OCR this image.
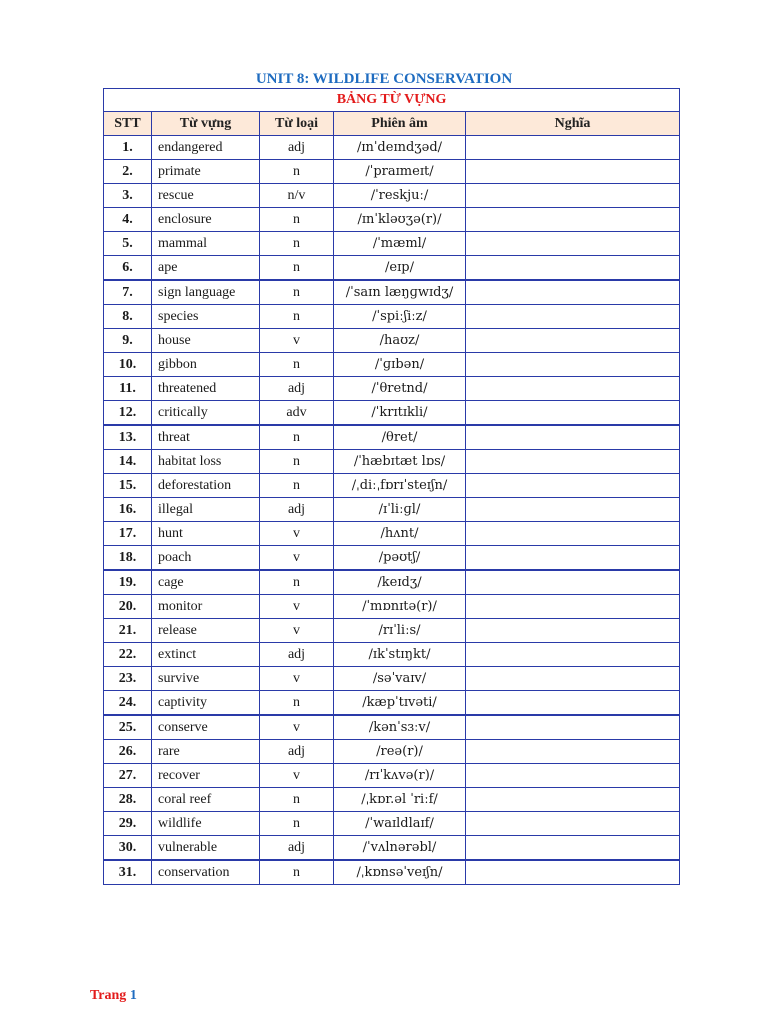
UNIT 8: WILDLIFE CONSERVATION
BẢNG TỪ VỰNG				
STT	Từ vựng	Từ loại	Phiên âm	Nghĩa
1.	endangered	adj	/ɪnˈdeɪndʒəd/	
2.	primate	n	/ˈpraɪmeɪt/	
3.	rescue	n/v	/ˈreskjuː/	
4.	enclosure	n	/ɪnˈkləʊʒə(r)/	
5.	mammal	n	/ˈmæml/	
6.	ape	n	/eɪp/	
7.	sign language	n	/ˈsaɪn læŋɡwɪdʒ/	
8.	species	n	/ˈspiːʃiːz/	
9.	house	v	/haʊz/	
10.	gibbon	n	/ˈɡɪbən/	
11.	threatened	adj	/ˈθretnd/	
12.	critically	adv	/ˈkrɪtɪkli/	
13.	threat	n	/θret/	
14.	habitat loss	n	/ˈhæbɪtæt lɒs/	
15.	deforestation	n	/ˌdiːˌfɒrɪˈsteɪʃn/	
16.	illegal	adj	/ɪˈliːɡl/	
17.	hunt	v	/hʌnt/	
18.	poach	v	/pəʊtʃ/	
19.	cage	n	/keɪdʒ/	
20.	monitor	v	/ˈmɒnɪtə(r)/	
21.	release	v	/rɪˈliːs/	
22.	extinct	adj	/ɪkˈstɪŋkt/	
23.	survive	v	/səˈvaɪv/	
24.	captivity	n	/kæpˈtɪvəti/	
25.	conserve	v	/kənˈsɜːv/	
26.	rare	adj	/reə(r)/	
27.	recover	v	/rɪˈkʌvə(r)/	
28.	coral reef	n	/ˌkɒr.əl ˈriːf/	
29.	wildlife	n	/ˈwaɪldlaɪf/	
30.	vulnerable	adj	/ˈvʌlnərəbl/	
31.	conservation	n	/ˌkɒnsəˈveɪʃn/	
Trang 1
